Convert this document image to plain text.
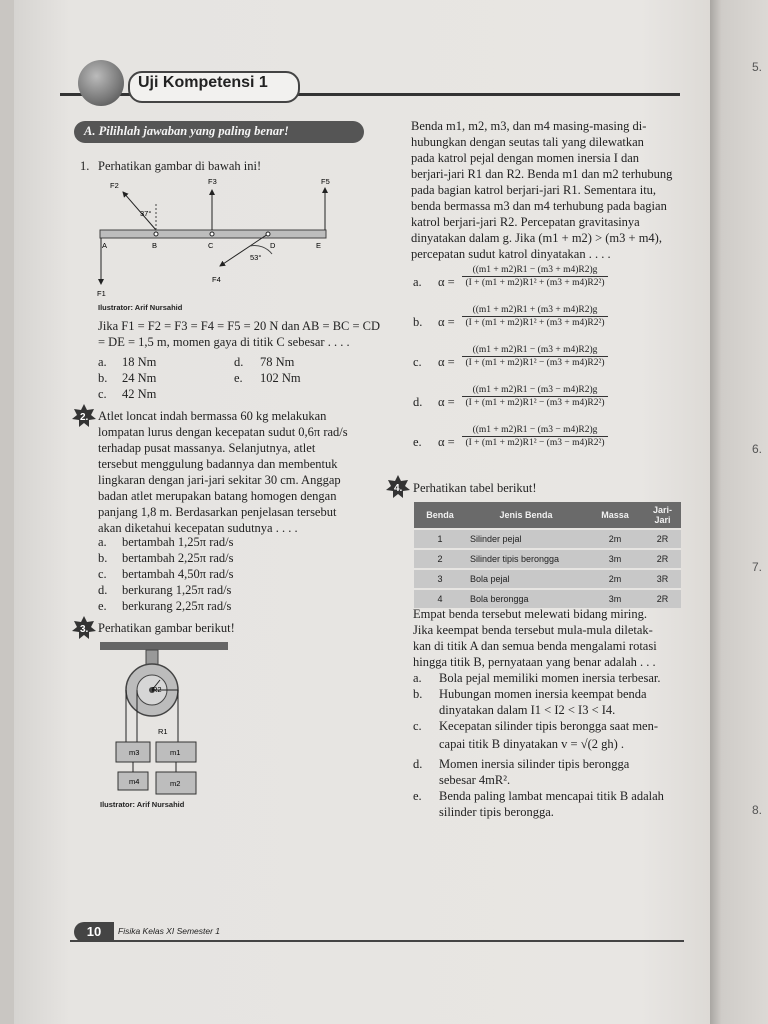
5.
6.
7.
8.
Uji Kompetensi 1
A. Pilihlah jawaban yang paling benar!
1. Perhatikan gambar di bawah ini!
F2
37°
F3	F5
A	B	C	D	E
53°
F4
F1
Ilustrator: Arif Nursahid
Jika F1 = F2 = F3 = F4 = F5 = 20 N dan AB = BC = CD
= DE = 1,5 m, momen gaya di titik C sebesar . . . .
a. 18 Nm	d. 78 Nm
b. 24 Nm	e. 102 Nm
c. 42 Nm
2. Atlet loncat indah bermassa 60 kg melakukan
lompatan lurus dengan kecepatan sudut 0,6π rad/s
terhadap pusat massanya. Selanjutnya, atlet
tersebut menggulung badannya dan membentuk
lingkaran dengan jari-jari sekitar 30 cm. Anggap
badan atlet merupakan batang homogen dengan
panjang 1,8 m. Berdasarkan penjelasan tersebut
akan diketahui kecepatan sudutnya . . . .
a. bertambah 1,25π rad/s
b. bertambah 2,25π rad/s
c. bertambah 4,50π rad/s
d. berkurang 1,25π rad/s
e. berkurang 2,25π rad/s
3. Perhatikan gambar berikut!
R2
R1
m3	m1
m4	m2
Ilustrator: Arif Nursahid
Benda m1, m2, m3, dan m4 masing-masing di-
hubungkan dengan seutas tali yang dilewatkan
pada katrol pejal dengan momen inersia I dan
berjari-jari R1 dan R2. Benda m1 dan m2 terhubung
pada bagian katrol berjari-jari R1. Sementara itu,
benda bermassa m3 dan m4 terhubung pada bagian
katrol berjari-jari R2. Percepatan gravitasinya
dinyatakan dalam g. Jika (m1 + m2) > (m3 + m4),
percepatan sudut katrol dinyatakan . . . .
a. $\alpha = \frac{((m1 + m2)R1 - (m3 + m4)R2)g}{\text{(I + (m1 + m2)R1² + (m3 + m4)R2²)}}$
b. $\alpha = \frac{((m1 + m2)R1 + (m3 + m4)R2)g}{\text{(I + (m1 + m2)R1² + (m3 + m4)R2²)}}$
c. $\alpha = \frac{((m1 + m2)R1 - (m3 + m4)R2)g}{\text{(I + (m1 + m2)R1² − (m3 + m4)R2²)}}$
d. $\alpha = \frac{((m1 + m2)R1 - (m3 - m4)R2)g}{\text{(I + (m1 + m2)R1² − (m3 + m4)R2²)}}$
e. $\alpha = \frac{((m1 + m2)R1 - (m3 - m4)R2)g}{\text{(I + (m1 + m2)R1² − (m3 − m4)R2²)}}$
4. Perhatikan tabel berikut!
Benda	Jenis Benda	Massa	Jari-Jari
1	Silinder pejal	2m	2R
2	Silinder tipis berongga	3m	2R
3	Bola pejal	2m	3R
4	Bola berongga	3m	2R
Empat benda tersebut melewati bidang miring.
Jika keempat benda tersebut mula-mula diletak-
kan di titik A dan semua benda mengalami rotasi
hingga titik B, pernyataan yang benar adalah . . .
a. Bola pejal memiliki momen inersia terbesar.
b. Hubungan momen inersia keempat benda
dinyatakan dalam I1 < I2 < I3 < I4.
c. Kecepatan silinder tipis berongga saat men-
capai titik B dinyatakan v = √(2 gh) .
d. Momen inersia silinder tipis berongga
sebesar 4mR².
e. Benda paling lambat mencapai titik B adalah
silinder tipis berongga.
10	Fisika Kelas XI Semester 1
